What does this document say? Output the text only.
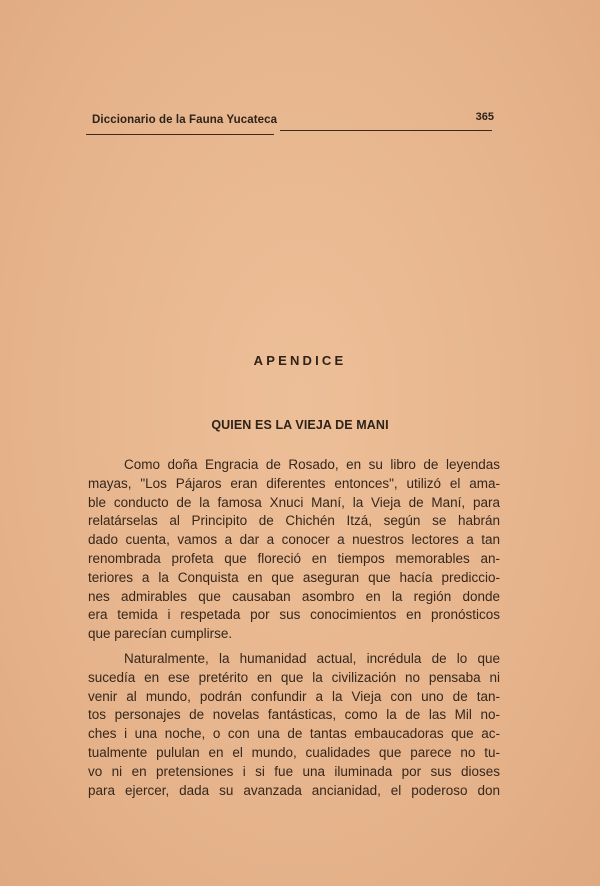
Diccionario de la Fauna Yucateca	365
APENDICE
QUIEN ES LA VIEJA DE MANI

Como doña Engracia de Rosado, en su libro de leyendas
mayas, "Los Pájaros eran diferentes entonces", utilizó el ama-
ble conducto de la famosa Xnuci Maní, la Vieja de Maní, para
relatárselas al Principito de Chichén Itzá, según se habrán
dado cuenta, vamos a dar a conocer a nuestros lectores a tan
renombrada profeta que floreció en tiempos memorables an-
teriores a la Conquista en que aseguran que hacía prediccio-
nes admirables que causaban asombro en la región donde
era temida i respetada por sus conocimientos en pronósticos
que parecían cumplirse.

Naturalmente, la humanidad actual, incrédula de lo que
sucedía en ese pretérito en que la civilización no pensaba ni
venir al mundo, podrán confundir a la Vieja con uno de tan-
tos personajes de novelas fantásticas, como la de las Mil no-
ches i una noche, o con una de tantas embaucadoras que ac-
tualmente pululan en el mundo, cualidades que parece no tu-
vo ni en pretensiones i si fue una iluminada por sus dioses
para ejercer, dada su avanzada ancianidad, el poderoso don
